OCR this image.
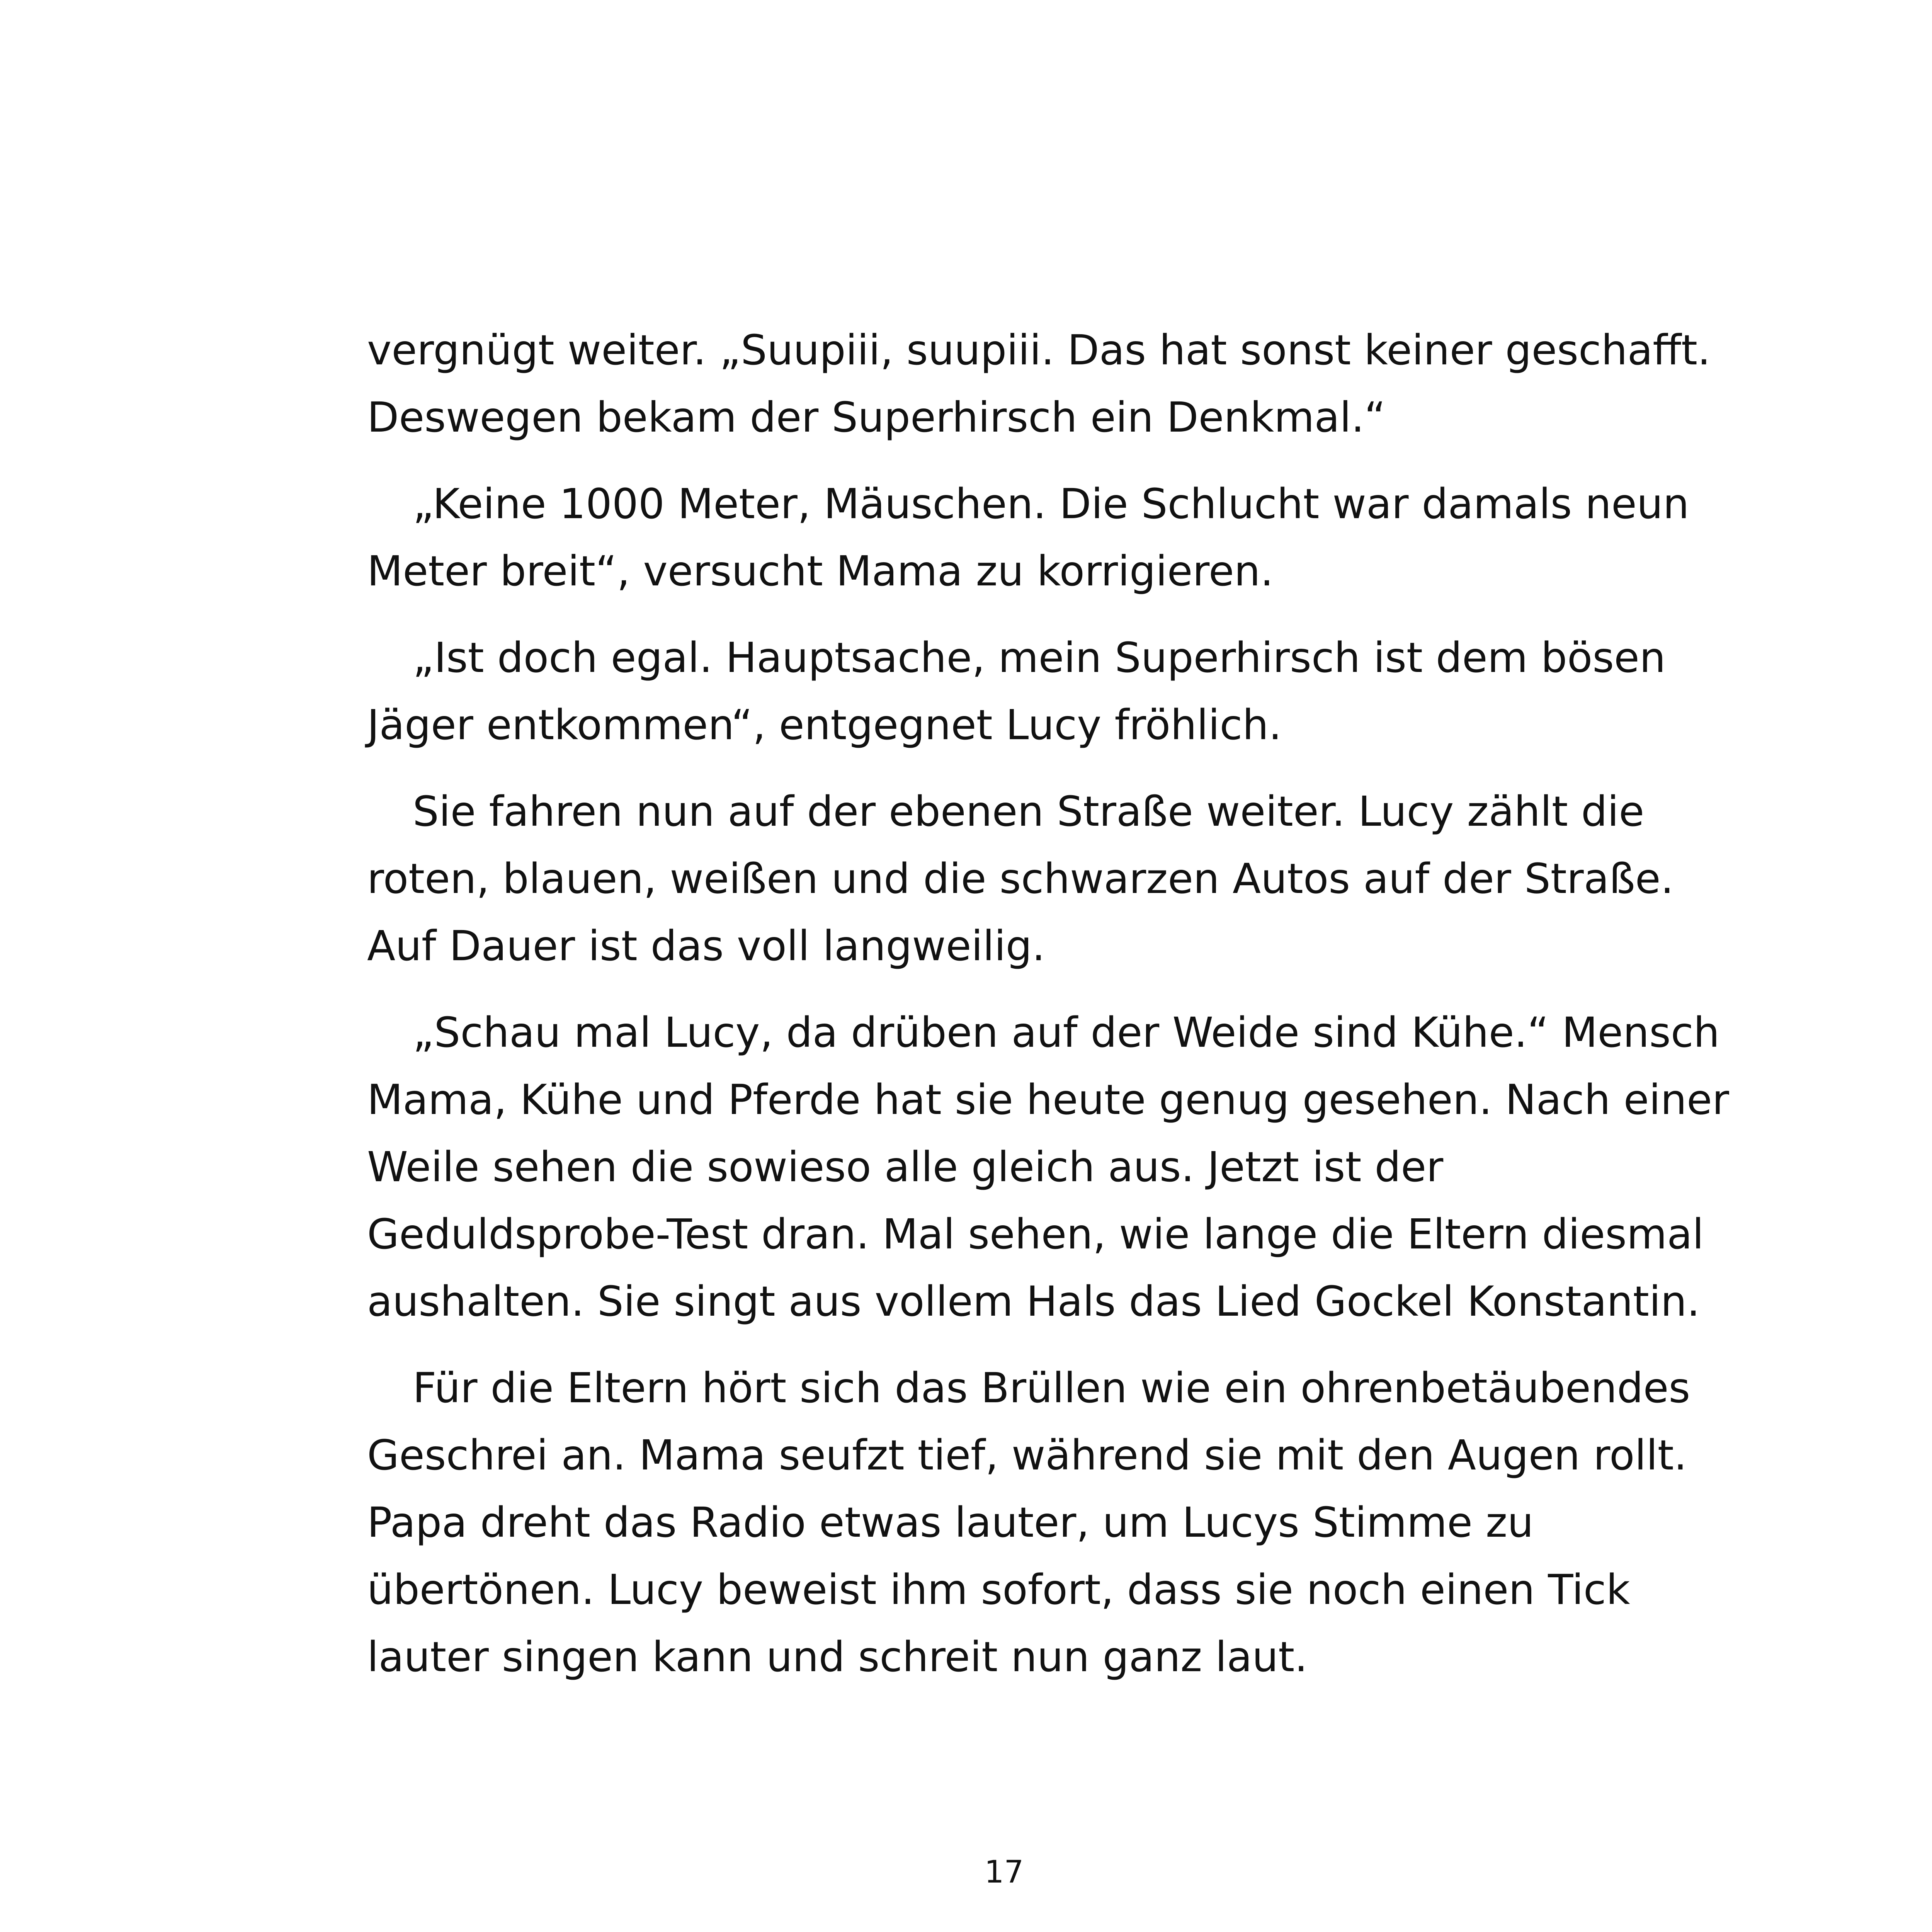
vergnügt weiter. „Suupiii, suupiii. Das hat sonst keiner geschafft.
Deswegen bekam der Superhirsch ein Denkmal.“
„Keine 1000 Meter, Mäuschen. Die Schlucht war damals neun
Meter breit“, versucht Mama zu korrigieren.
„Ist doch egal. Hauptsache, mein Superhirsch ist dem bösen
Jäger entkommen“, entgegnet Lucy fröhlich.
Sie fahren nun auf der ebenen Straße weiter. Lucy zählt die
roten, blauen, weißen und die schwarzen Autos auf der Straße.
Auf Dauer ist das voll langweilig.
„Schau mal Lucy, da drüben auf der Weide sind Kühe.“ Mensch
Mama, Kühe und Pferde hat sie heute genug gesehen. Nach einer
Weile sehen die sowieso alle gleich aus. Jetzt ist der
Geduldsprobe-Test dran. Mal sehen, wie lange die Eltern diesmal
aushalten. Sie singt aus vollem Hals das Lied Gockel Konstantin.
Für die Eltern hört sich das Brüllen wie ein ohrenbetäubendes
Geschrei an. Mama seufzt tief, während sie mit den Augen rollt.
Papa dreht das Radio etwas lauter, um Lucys Stimme zu
übertönen. Lucy beweist ihm sofort, dass sie noch einen Tick
lauter singen kann und schreit nun ganz laut.
17
